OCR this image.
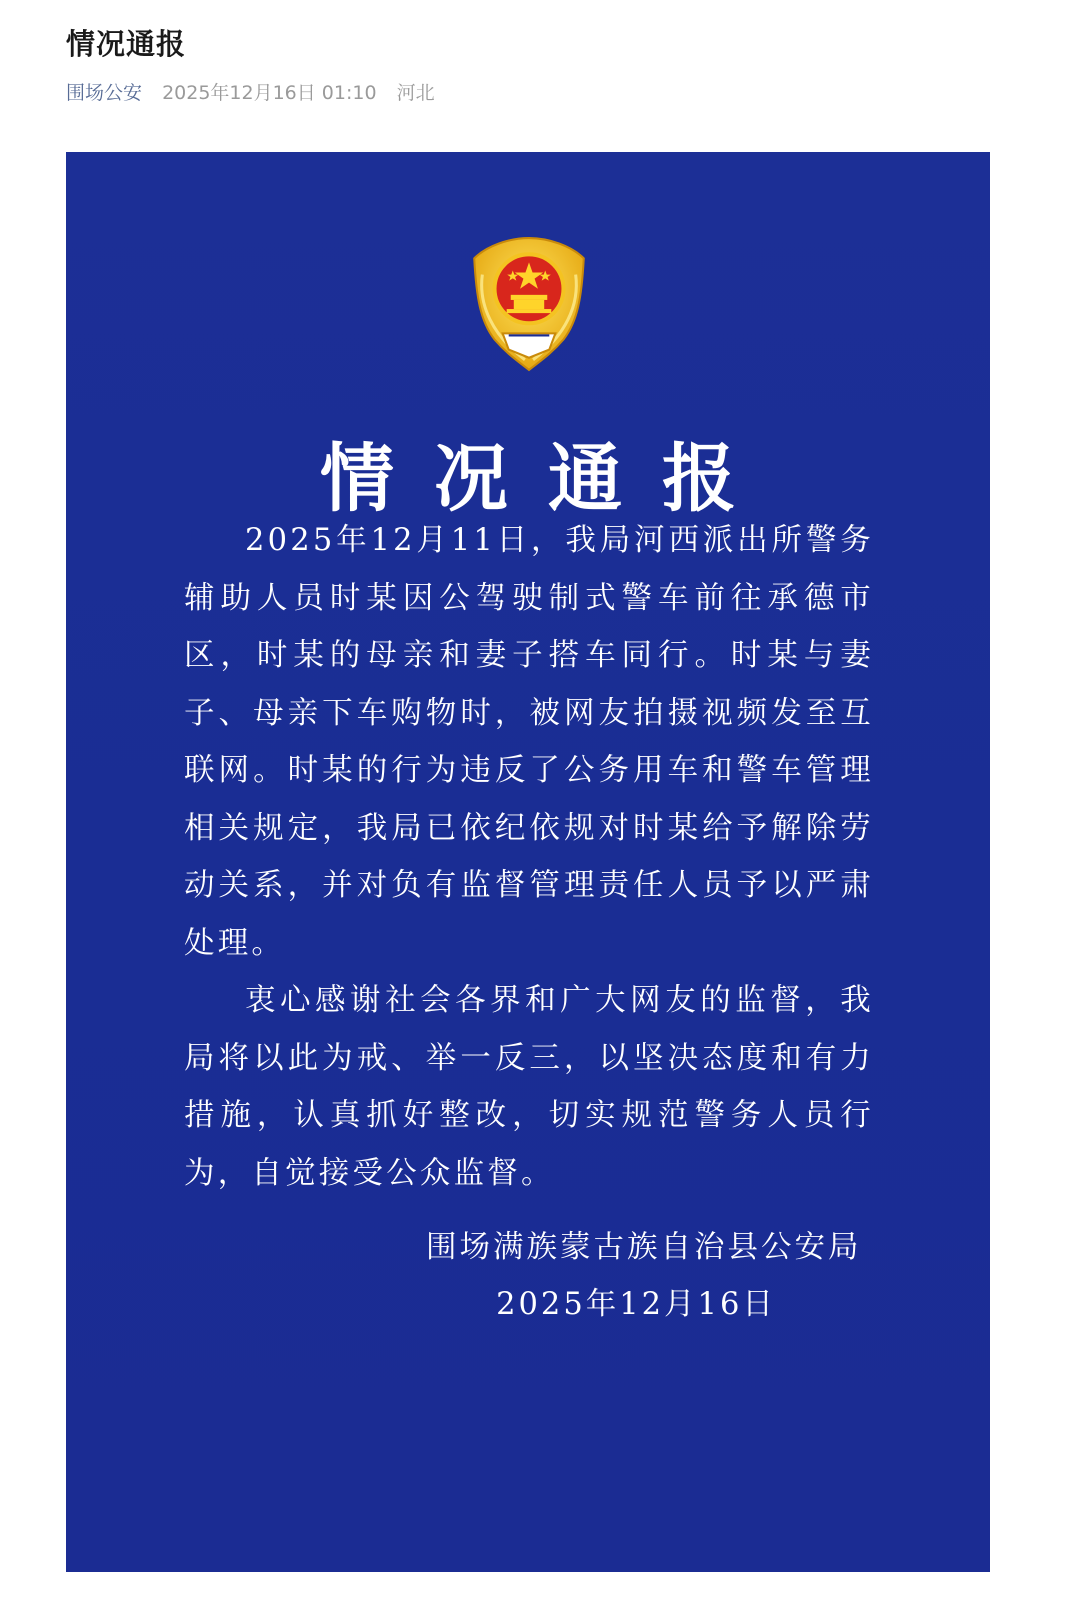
情况通报
围场公安 2025年12月16日 01:10 河北
情况通报

2025年12月11日，我局河西派出所警务辅助人员时某因公驾驶制式警车前往承德市区，时某的母亲和妻子搭车同行。时某与妻子、母亲下车购物时，被网友拍摄视频发至互联网。时某的行为违反了公务用车和警车管理相关规定，我局已依纪依规对时某给予解除劳动关系，并对负有监督管理责任人员予以严肃处理。

衷心感谢社会各界和广大网友的监督，我局将以此为戒、举一反三，以坚决态度和有力措施，认真抓好整改，切实规范警务人员行为，自觉接受公众监督。

围场满族蒙古族自治县公安局
2025年12月16日
